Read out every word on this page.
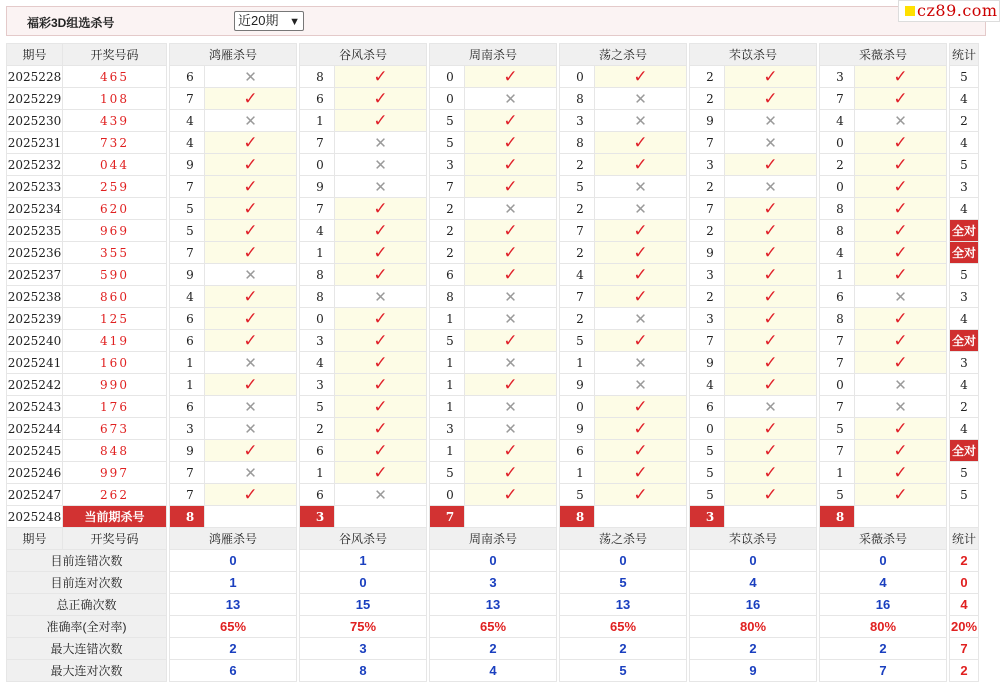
福彩3D组选杀号	近20期 ▼
cz89.com
期号	开奖号码		鸿雁杀号			谷风杀号			周南杀号			荡之杀号			芣苡杀号			采薇杀号			统计
2025228	465		6	✕		8	✓		0	✓		0	✓		2	✓		3	✓		5
2025229	108		7	✓		6	✓		0	✕		8	✕		2	✓		7	✓		4
2025230	439		4	✕		1	✓		5	✓		3	✕		9	✕		4	✕		2
2025231	732		4	✓		7	✕		5	✓		8	✓		7	✕		0	✓		4
2025232	044		9	✓		0	✕		3	✓		2	✓		3	✓		2	✓		5
2025233	259		7	✓		9	✕		7	✓		5	✕		2	✕		0	✓		3
2025234	620		5	✓		7	✓		2	✕		2	✕		7	✓		8	✓		4
2025235	969		5	✓		4	✓		2	✓		7	✓		2	✓		8	✓		全对
2025236	355		7	✓		1	✓		2	✓		2	✓		9	✓		4	✓		全对
2025237	590		9	✕		8	✓		6	✓		4	✓		3	✓		1	✓		5
2025238	860		4	✓		8	✕		8	✕		7	✓		2	✓		6	✕		3
2025239	125		6	✓		0	✓		1	✕		2	✕		3	✓		8	✓		4
2025240	419		6	✓		3	✓		5	✓		5	✓		7	✓		7	✓		全对
2025241	160		1	✕		4	✓		1	✕		1	✕		9	✓		7	✓		3
2025242	990		1	✓		3	✓		1	✓		9	✕		4	✓		0	✕		4
2025243	176		6	✕		5	✓		1	✕		0	✓		6	✕		7	✕		2
2025244	673		3	✕		2	✓		3	✕		9	✓		0	✓		5	✓		4
2025245	848		9	✓		6	✓		1	✓		6	✓		5	✓		7	✓		全对
2025246	997		7	✕		1	✓		5	✓		1	✓		5	✓		1	✓		5
2025247	262		7	✓		6	✕		0	✓		5	✓		5	✓		5	✓		5
2025248	当前期杀号		8			3			7			8			3			8			
期号	开奖号码		鸿雁杀号			谷风杀号			周南杀号			荡之杀号			芣苡杀号			采薇杀号			统计
目前连错次数			0			1			0			0			0			0			2
目前连对次数			1			0			3			5			4			4			0
总正确次数			13			15			13			13			16			16			4
准确率(全对率)			65%			75%			65%			65%			80%			80%			20%
最大连错次数			2			3			2			2			2			2			7
最大连对次数			6			8			4			5			9			7			2
